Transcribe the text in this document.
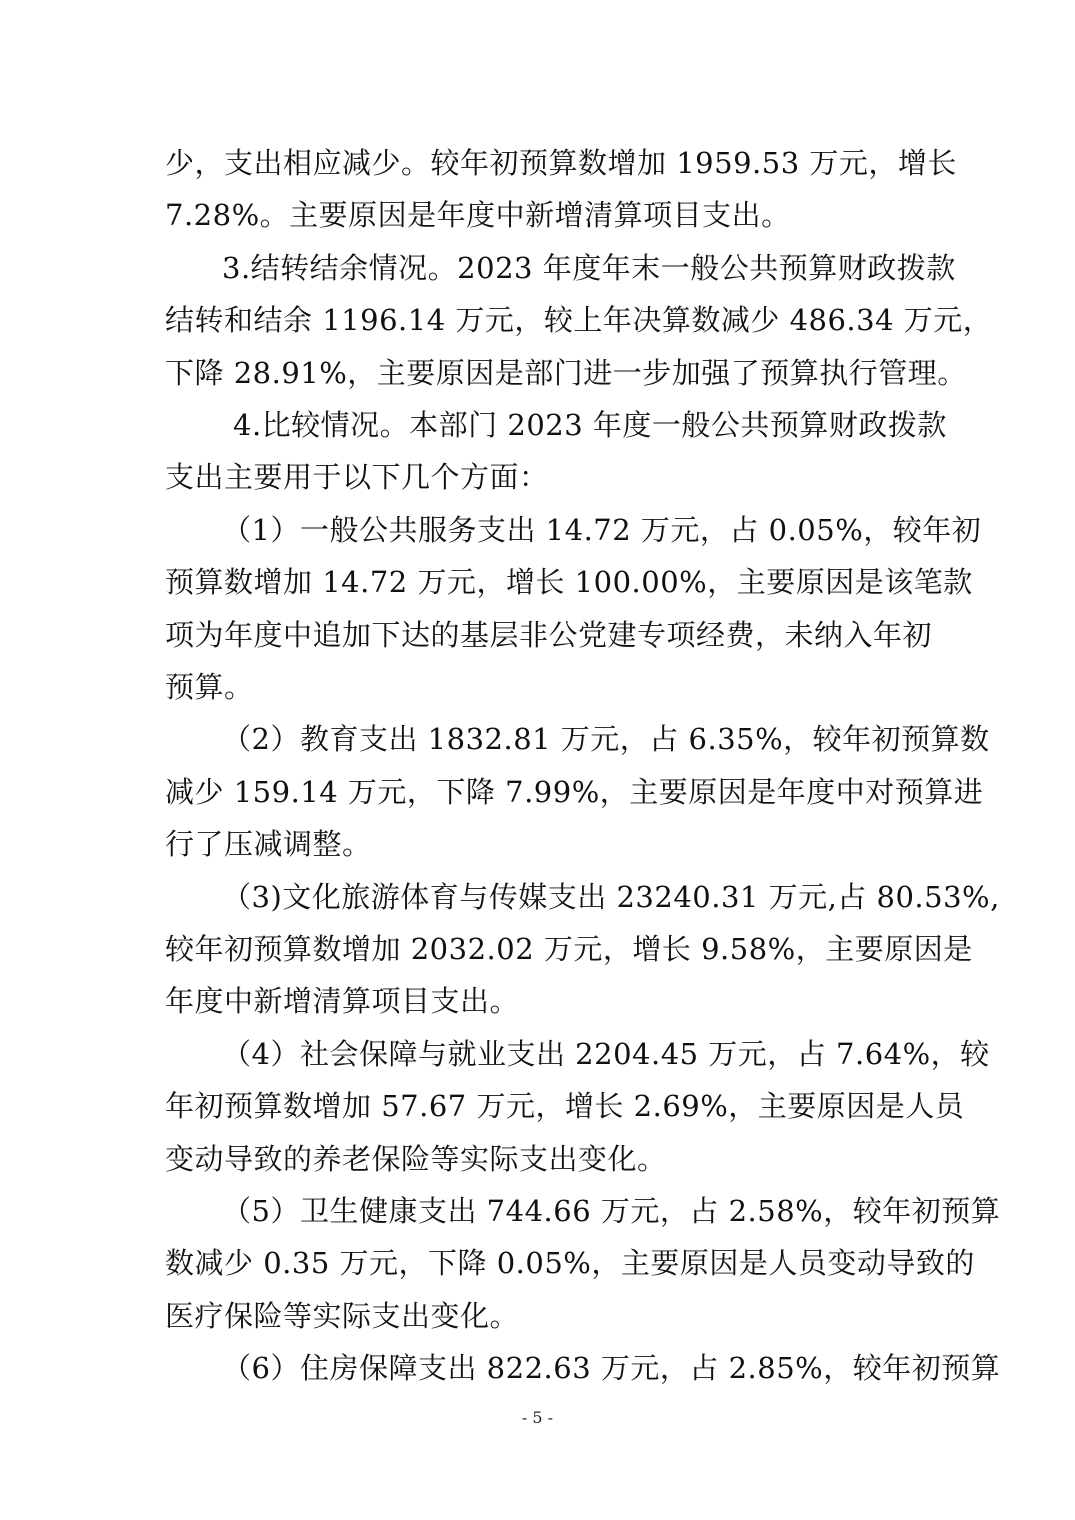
少，支出相应减少。较年初预算数增加 1959.53 万元，增长
7.28%。主要原因是年度中新增清算项目支出。
3.结转结余情况。2023 年度年末一般公共预算财政拨款
结转和结余 1196.14 万元，较上年决算数减少 486.34 万元，
下降 28.91%，主要原因是部门进一步加强了预算执行管理。
4.比较情况。本部门 2023 年度一般公共预算财政拨款
支出主要用于以下几个方面：
（1）一般公共服务支出 14.72 万元，占 0.05%，较年初
预算数增加 14.72 万元，增长 100.00%，主要原因是该笔款
项为年度中追加下达的基层非公党建专项经费，未纳入年初
预算。
（2）教育支出 1832.81 万元，占 6.35%，较年初预算数
减少 159.14 万元，下降 7.99%，主要原因是年度中对预算进
行了压减调整。
（3)文化旅游体育与传媒支出 23240.31 万元,占 80.53%,
较年初预算数增加 2032.02 万元，增长 9.58%，主要原因是
年度中新增清算项目支出。
（4）社会保障与就业支出 2204.45 万元，占 7.64%，较
年初预算数增加 57.67 万元，增长 2.69%，主要原因是人员
变动导致的养老保险等实际支出变化。
（5）卫生健康支出 744.66 万元，占 2.58%，较年初预算
数减少 0.35 万元，下降 0.05%，主要原因是人员变动导致的
医疗保险等实际支出变化。
（6）住房保障支出 822.63 万元，占 2.85%，较年初预算
- 5 -
